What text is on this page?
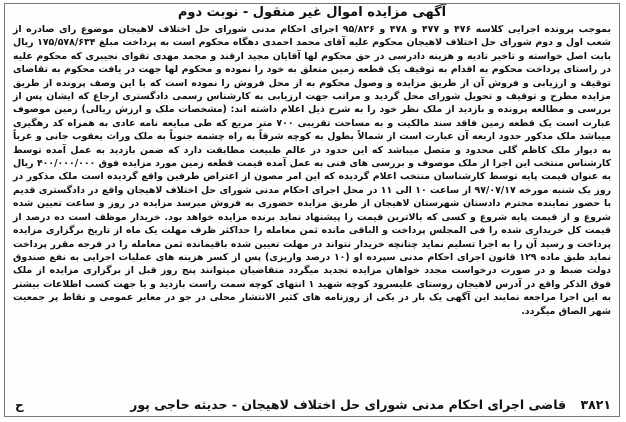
آگهی مزایده اموال غیر منقول - نوبت دوم

بموجب پرونده اجرایی کلاسه ۴۷۶ و ۴۷۷ و ۴۷۸ و ۹۵/۸۲۶ اجرای احکام مدنی شورای حل اختلاف لاهیجان موضوع رای صادره از شعب اول و دوم شورای حل اختلاف لاهیجان محکوم علیه آقای محمد احمدی دهگاه محکوم است به پرداخت مبلغ ۱۷۵/۵۷۸/۶۳۴ ریال بابت اصل خواسته و تاخیر تادیه و هزینه دادرسی در حق محکوم لها آقایان مجید ارقند و محمد مهدی تقوای نجیبری که محکوم علیه در راستای پرداخت محکوم به اقدام به توقیف یک قطعه زمین متعلق به خود را نموده و محکوم لها جهت در یافت محکوم به تقاضای توقیف و ارزیابی و فروش آن از طریق مزایده و وصول محکوم به از محل فروش را نموده است که با این وصف پرونده از طریق مزایده مطرح و توقیف و تحویل شورای محل گردید و مراتب جهت ارزیابی به کارشناس رسمی دادگستری ارجاع که ایشان پس از بررسی و مطالعه پرونده و بازدید از ملک نظر خود را به شرح ذیل اعلام داشته اند: (مشخصات ملک و ارزش ریالی) زمین موصوف عبارت است یک قطعه زمین فاقد سند مالکیت و به مساحت تقریبی ۷۰۰ متر مربع که طی مبایعه نامه عادی به همراه کد رهگیری میباشد ملک مذکور حدود اربعه آن عبارت است از شمالاً بطول به کوچه شرقاً به راه چشمه جنوباً به ملک وراث یعقوب جانی و غرباً به دیوار ملک کاظم گلی محدود و متصل میباشد که این حدود در عالم طبیعت مطابقت دارد که ضمن بازدید به عمل آمده توسط کارشناس منتخب این اجرا از ملک موصوف و بررسی های فنی به عمل آمده قیمت قطعه زمین مورد مزایده فوق ۴۰۰/۰۰۰/۰۰۰ ریال به عنوان قیمت پایه توسط کارشناسان منتخب اعلام گردیده که این امر مصون از اعتراض طرفین واقع گردیده است ملک مذکور در روز یک شنبه مورخه ۹۷/۰۷/۱۷ از ساعت ۱۰ الی ۱۱ در محل اجرای احکام مدنی شورای حل اختلاف لاهیجان واقع در دادگستری قدیم با حضور نماینده محترم دادستان شهرستان لاهیجان از طریق مزایده حضوری به فروش میرسد مزایده در روز و ساعت تعیین شده شروع و از قیمت پایه شروع و کسی که بالاترین قیمت را پیشنهاد نماید برنده مزایده خواهد بود. خریدار موظف است ده درصد از قیمت کل خریداری شده را فی المجلس پرداخت و الباقی مانده ثمن معامله را حداکثر ظرف مهلت یک ماه از تاریخ برگزاری مزایده پرداخت و رسید آن را به اجرا تسلیم نماید چنانچه خریدار نتواند در مهلت تعیین شده باقیمانده ثمن معامله را در فرجه مقرر پرداخت نماید طبق ماده ۱۲۹ قانون اجرای احکام مدنی سپرده او (۱۰ درصد واریزی) پس از کسر هزینه های عملیات اجرایی به نفع صندوق دولت ضبط و در صورت درخواست مجدد خواهان مزایده تجدید میگردد متقاضیان میتوانند پنج روز قبل از برگزاری مزایده از ملک فوق الذکر واقع در آدرس لاهیجان روستای علیسرود کوچه شهید ۱ انتهای کوچه سمت راست بازدید و یا جهت کسب اطلاعات بیشتر به این اجرا مراجعه نمایند این آگهی یک بار در یکی از روزنامه های کثیر الانتشار محلی در جو در معابر عمومی و نقاط پر جمعیت شهر الصاق میگردد.

۳۸۲۱ قاضی اجرای احکام مدنی شورای حل اختلاف لاهیجان - حدیثه حاجی پور
ح
